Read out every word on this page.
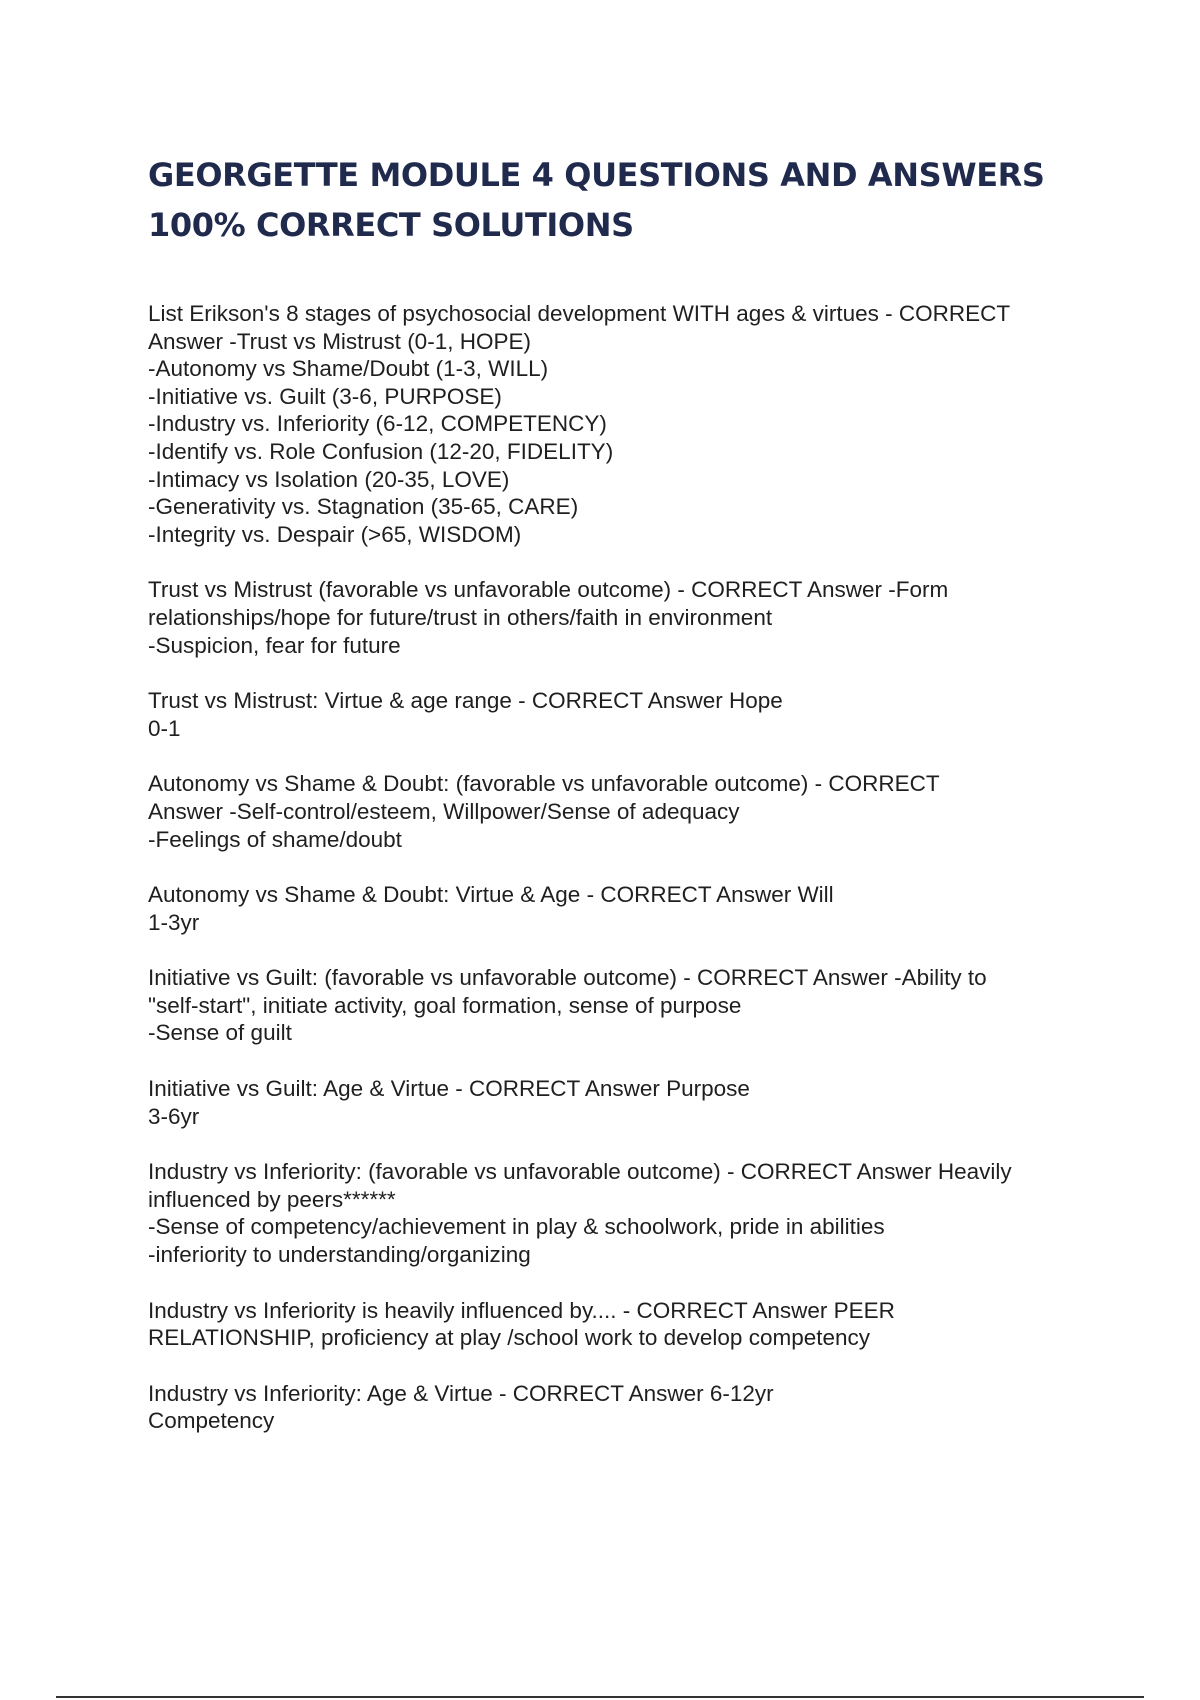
GEORGETTE MODULE 4 QUESTIONS AND ANSWERS
100% CORRECT SOLUTIONS
List Erikson's 8 stages of psychosocial development WITH ages & virtues - CORRECT
Answer -Trust vs Mistrust (0-1, HOPE)
-Autonomy vs Shame/Doubt (1-3, WILL)
-Initiative vs. Guilt (3-6, PURPOSE)
-Industry vs. Inferiority (6-12, COMPETENCY)
-Identify vs. Role Confusion (12-20, FIDELITY)
-Intimacy vs Isolation (20-35, LOVE)
-Generativity vs. Stagnation (35-65, CARE)
-Integrity vs. Despair (>65, WISDOM)
Trust vs Mistrust (favorable vs unfavorable outcome) - CORRECT Answer -Form
relationships/hope for future/trust in others/faith in environment
-Suspicion, fear for future
Trust vs Mistrust: Virtue & age range - CORRECT Answer Hope
0-1
Autonomy vs Shame & Doubt: (favorable vs unfavorable outcome) - CORRECT
Answer -Self-control/esteem, Willpower/Sense of adequacy
-Feelings of shame/doubt
Autonomy vs Shame & Doubt: Virtue & Age - CORRECT Answer Will
1-3yr
Initiative vs Guilt: (favorable vs unfavorable outcome) - CORRECT Answer -Ability to
"self-start", initiate activity, goal formation, sense of purpose
-Sense of guilt
Initiative vs Guilt: Age & Virtue - CORRECT Answer Purpose
3-6yr
Industry vs Inferiority: (favorable vs unfavorable outcome) - CORRECT Answer Heavily
influenced by peers******
-Sense of competency/achievement in play & schoolwork, pride in abilities
-inferiority to understanding/organizing
Industry vs Inferiority is heavily influenced by.... - CORRECT Answer PEER
RELATIONSHIP, proficiency at play /school work to develop competency
Industry vs Inferiority: Age & Virtue - CORRECT Answer 6-12yr
Competency
